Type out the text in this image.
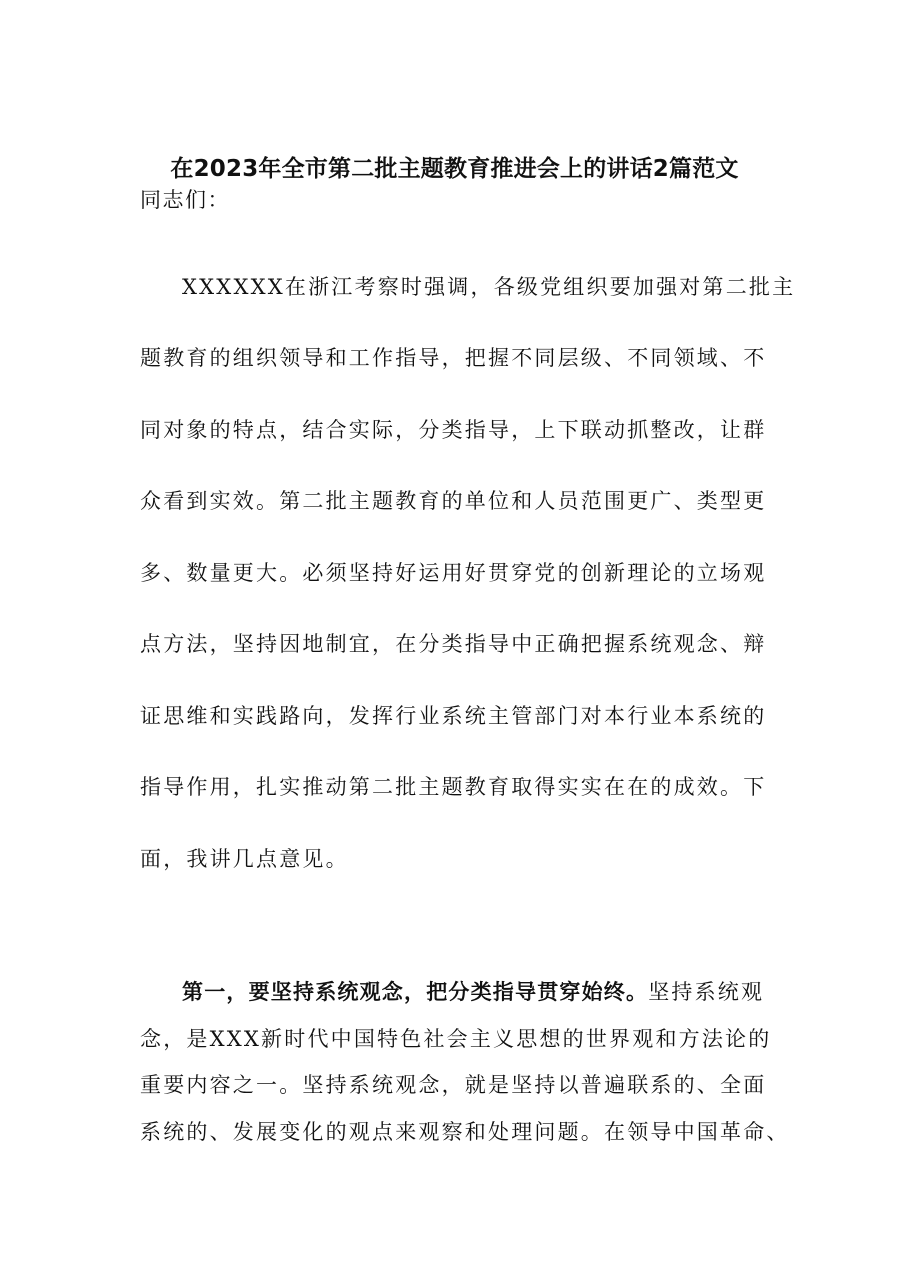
在2023年全市第二批主题教育推进会上的讲话2篇范文
同志们：
XXXXXX在浙江考察时强调，各级党组织要加强对第二批主
题教育的组织领导和工作指导，把握不同层级、不同领域、不
同对象的特点，结合实际，分类指导，上下联动抓整改，让群
众看到实效。第二批主题教育的单位和人员范围更广、类型更
多、数量更大。必须坚持好运用好贯穿党的创新理论的立场观
点方法，坚持因地制宜，在分类指导中正确把握系统观念、辩
证思维和实践路向，发挥行业系统主管部门对本行业本系统的
指导作用，扎实推动第二批主题教育取得实实在在的成效。下
面，我讲几点意见。
第一，要坚持系统观念，把分类指导贯穿始终。坚持系统观
念，是XXX新时代中国特色社会主义思想的世界观和方法论的
重要内容之一。坚持系统观念，就是坚持以普遍联系的、全面
系统的、发展变化的观点来观察和处理问题。在领导中国革命、
